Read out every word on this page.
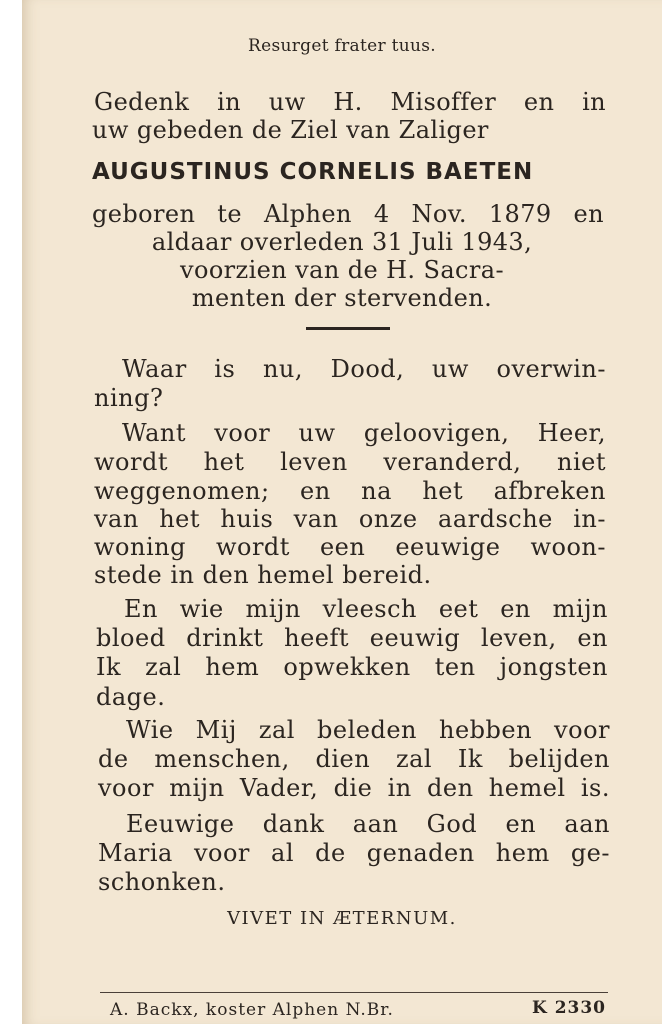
Resurget frater tuus.
Gedenk in uw H. Misoffer en in
uw gebeden de Ziel van Zaliger
AUGUSTINUS CORNELIS BAETEN
geboren te Alphen 4 Nov. 1879 en
aldaar overleden 31 Juli 1943,
voorzien van de H. Sacra-
menten der stervenden.
Waar is nu, Dood, uw overwin-
ning?
Want voor uw geloovigen, Heer,
wordt het leven veranderd, niet
weggenomen; en na het afbreken
van het huis van onze aardsche in-
woning wordt een eeuwige woon-
stede in den hemel bereid.
En wie mijn vleesch eet en mijn
bloed drinkt heeft eeuwig leven, en
Ik zal hem opwekken ten jongsten
dage.
Wie Mij zal beleden hebben voor
de menschen, dien zal Ik belijden
voor mijn Vader, die in den hemel is.
Eeuwige dank aan God en aan
Maria voor al de genaden hem ge-
schonken.
VIVET IN ÆTERNUM.
A. Backx, koster Alphen N.Br.	K 2330
